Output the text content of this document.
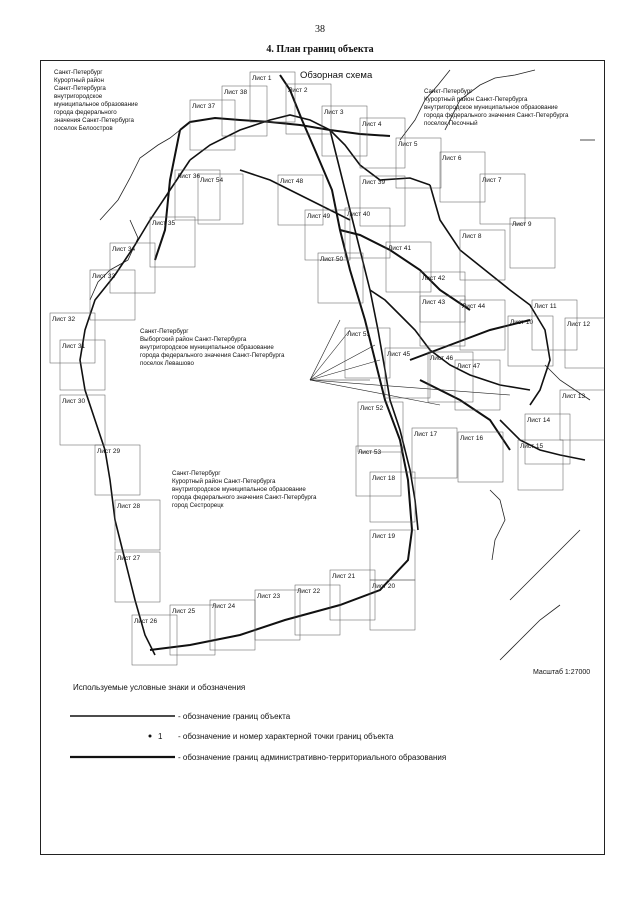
38
4. План границ объекта
Лист 1
Лист 2
Лист 3
Лист 4
Лист 5
Лист 6
Лист 7
Лист 8
Лист 9
Лист 10
Лист 11
Лист 12
Лист 13
Лист 14
Лист 15
Лист 16
Лист 17
Лист 18
Лист 19
Лист 20
Лист 21
Лист 22
Лист 23
Лист 24
Лист 25
Лист 26
Лист 27
Лист 28
Лист 29
Лист 30
Лист 31
Лист 32
Лист 33
Лист 34
Лист 35
Лист 36
Лист 37
Лист 38
Лист 39
Лист 40
Лист 41
Лист 42
Лист 43
Лист 44
Лист 45
Лист 46
Лист 47
Лист 48
Лист 49
Лист 50
Лист 51
Лист 52
Лист 53
Лист 54
Обзорная схема
Санкт-Петербург
Курортный район
Санкт-Петербурга
внутригородское
муниципальное образование
города федерального
значения Санкт-Петербурга
поселок Белоостров
Санкт-Петербург
Курортный район Санкт-Петербурга
внутригородское муниципальное образование
города федерального значения Санкт-Петербурга
поселок Песочный
Санкт-Петербург
Выборгский район Санкт-Петербурга
внутригородское муниципальное образование
города федерального значения Санкт-Петербурга
поселок Левашово
Санкт-Петербург
Курортный район Санкт-Петербурга
внутригородское муниципальное образование
города федерального значения Санкт-Петербурга
город Сестрорецк
Масштаб 1:27000
Используемые условные знаки и обозначения
- обозначение границ объекта
1 - обозначение и номер характерной точки границ объекта
- обозначение границ административно-территориального образования
